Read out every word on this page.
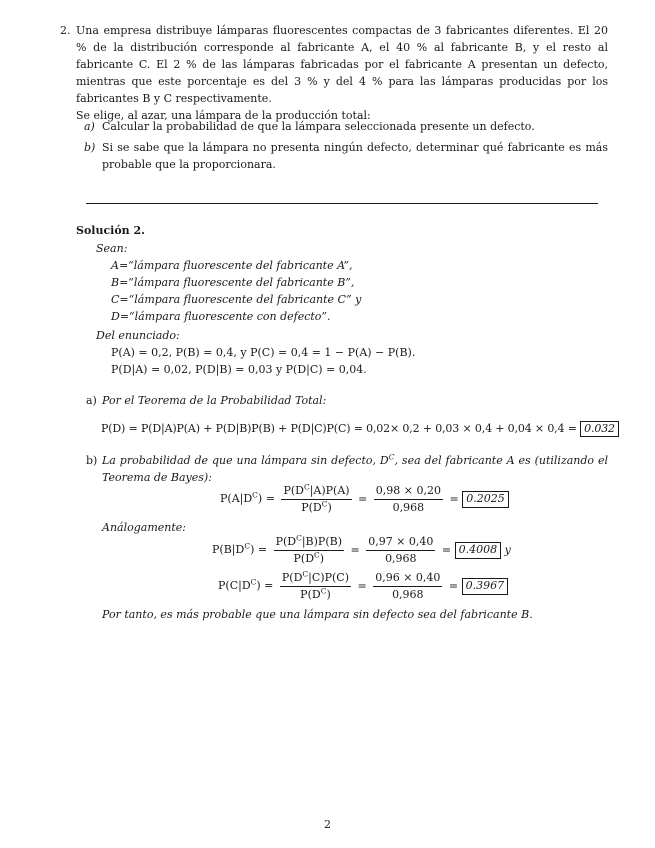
2. Una empresa distribuye lámparas fluorescentes compactas de 3 fabricantes diferentes. El 20 % de la distribución corresponde al fabricante A, el 40 % al fabricante B, y el resto al fabricante C. El 2 % de las lámparas fabricadas por el fabricante A presentan un defecto, mientras que este porcentaje es del 3 % y del 4 % para las lámparas producidas por los fabricantes B y C respectivamente.
Se elige, al azar, una lámpara de la producción total:
a) Calcular la probabilidad de que la lámpara seleccionada presente un defecto.
b) Si se sabe que la lámpara no presenta ningún defecto, determinar qué fabricante es más probable que la proporcionara.
Solución 2.
Sean:
A=“lámpara fluorescente del fabricante A”,
B=“lámpara fluorescente del fabricante B”,
C=“lámpara fluorescente del fabricante C” y
D=“lámpara fluorescente con defecto”.
Del enunciado:
P(A) = 0,2, P(B) = 0,4, y P(C) = 0,4 = 1 − P(A) − P(B).
P(D|A) = 0,02, P(D|B) = 0,03 y P(D|C) = 0,04.
a) Por el Teorema de la Probabilidad Total:
P(D) = P(D|A)P(A) + P(D|B)P(B) + P(D|C)P(C) = 0,02× 0,2 + 0,03 × 0,4 + 0,04 × 0,4 = 0.032
b) La probabilidad de que una lámpara sin defecto, $D^C$, sea del fabricante A es (utilizando el Teorema de Bayes):
$P(A|D^C) = \frac{P(D^C|A)P(A)}{P(D^C)} = \frac{0,98 \times 0,20}{0,968} = 0.2025$
Análogamente:
$P(B|D^C) = \frac{P(D^C|B)P(B)}{P(D^C)} = \frac{0,97 \times 0,40}{0,968} = 0.4008$ y
$P(C|D^C) = \frac{P(D^C|C)P(C)}{P(D^C)} = \frac{0,96 \times 0,40}{0,968} = 0.3967$
Por tanto, es más probable que una lámpara sin defecto sea del fabricante B.
2
